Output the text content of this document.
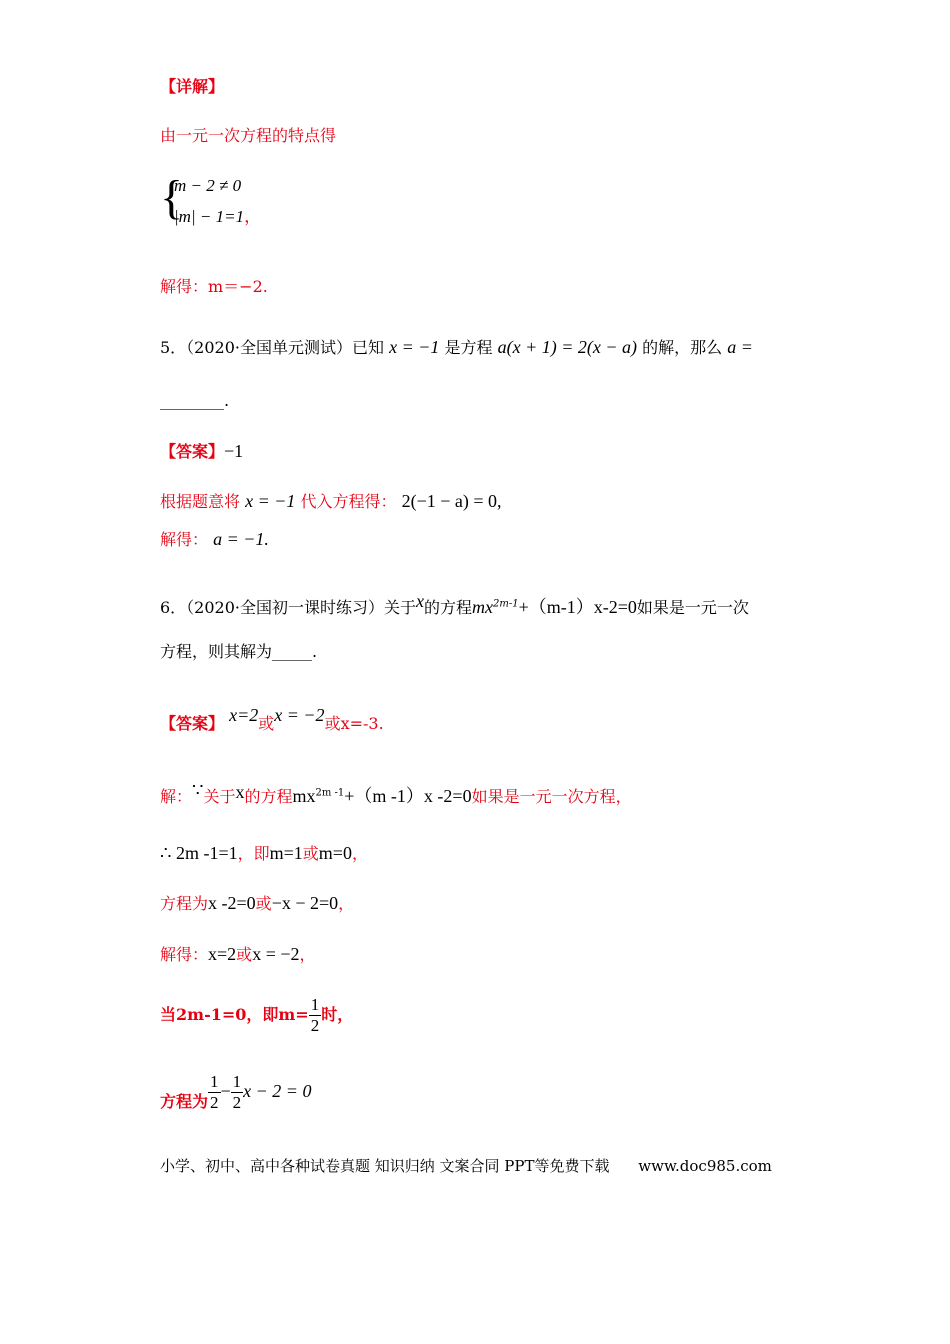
【详解】
由一元一次方程的特点得
{
m − 2 ≠ 0
|m| − 1=1，
解得：m＝−2.
5．（2020·全国单元测试）已知 x = −1 是方程 a(x + 1) = 2(x − a) 的解，那么 a =
________.
【答案】−1
根据题意将 x = −1 代入方程得： 2(−1 − a) = 0,
解得： a = −1.
6．（2020·全国初一课时练习）关于x的方程$mx^{2m-1}+(m-1)x-2=0$如果是一元一次
方程，则其解为_____.
【答案】 x=2或x = −2或x=-3.
解：∵关于x的方程$mx^{2m -1}+(m$ -1）x -2=0如果是一元一次方程，
∴ 2m -1=1，即m=1或m=0，
方程为x -2=0或−x − 2=0，
解得：x=2或x = −2，
当2m-1=0，即$m= \frac{1}{2}$ 时，
方程为 $\frac{1}{2} - \frac{1}{2}$ x − 2 = 0
小学、初中、高中各种试卷真题 知识归纳 文案合同 PPT等免费下载 www.doc985.com
